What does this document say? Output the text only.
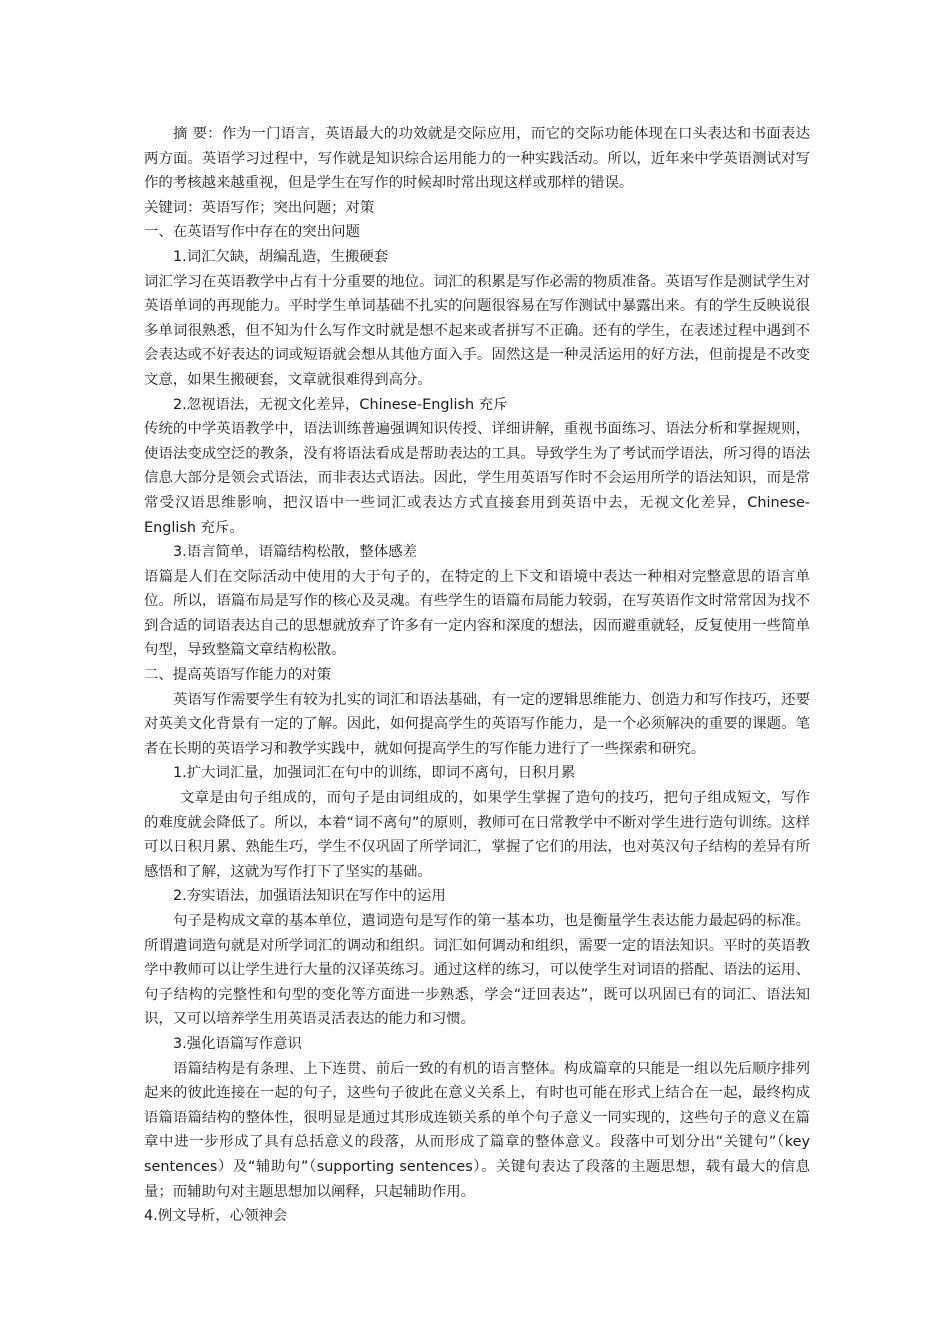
摘 要：作为一门语言，英语最大的功效就是交际应用，而它的交际功能体现在口头表达和书面表达两方面。英语学习过程中，写作就是知识综合运用能力的一种实践活动。所以，近年来中学英语测试对写作的考核越来越重视，但是学生在写作的时候却时常出现这样或那样的错误。

关键词：英语写作；突出问题；对策

一、在英语写作中存在的突出问题

1.词汇欠缺，胡编乱造，生搬硬套

词汇学习在英语教学中占有十分重要的地位。词汇的积累是写作必需的物质准备。英语写作是测试学生对英语单词的再现能力。平时学生单词基础不扎实的问题很容易在写作测试中暴露出来。有的学生反映说很多单词很熟悉，但不知为什么写作文时就是想不起来或者拼写不正确。还有的学生，在表述过程中遇到不会表达或不好表达的词或短语就会想从其他方面入手。固然这是一种灵活运用的好方法，但前提是不改变文意，如果生搬硬套，文章就很难得到高分。

2.忽视语法，无视文化差异，Chinese-English 充斥

传统的中学英语教学中，语法训练普遍强调知识传授、详细讲解，重视书面练习、语法分析和掌握规则，使语法变成空泛的教条，没有将语法看成是帮助表达的工具。导致学生为了考试而学语法，所习得的语法信息大部分是领会式语法，而非表达式语法。因此，学生用英语写作时不会运用所学的语法知识，而是常常受汉语思维影响，把汉语中一些词汇或表达方式直接套用到英语中去，无视文化差异，Chinese-English 充斥。

3.语言简单，语篇结构松散，整体感差

语篇是人们在交际活动中使用的大于句子的，在特定的上下文和语境中表达一种相对完整意思的语言单位。所以，语篇布局是写作的核心及灵魂。有些学生的语篇布局能力较弱，在写英语作文时常常因为找不到合适的词语表达自己的思想就放弃了许多有一定内容和深度的想法，因而避重就轻，反复使用一些简单句型，导致整篇文章结构松散。

二、提高英语写作能力的对策

英语写作需要学生有较为扎实的词汇和语法基础，有一定的逻辑思维能力、创造力和写作技巧，还要对英美文化背景有一定的了解。因此，如何提高学生的英语写作能力，是一个必须解决的重要的课题。笔者在长期的英语学习和教学实践中，就如何提高学生的写作能力进行了一些探索和研究。

1.扩大词汇量，加强词汇在句中的训练，即词不离句，日积月累

文章是由句子组成的，而句子是由词组成的，如果学生掌握了造句的技巧，把句子组成短文，写作的难度就会降低了。所以，本着“词不离句”的原则，教师可在日常教学中不断对学生进行造句训练。这样可以日积月累、熟能生巧，学生不仅巩固了所学词汇，掌握了它们的用法，也对英汉句子结构的差异有所感悟和了解，这就为写作打下了坚实的基础。

2.夯实语法，加强语法知识在写作中的运用

句子是构成文章的基本单位，遣词造句是写作的第一基本功，也是衡量学生表达能力最起码的标准。所谓遣词造句就是对所学词汇的调动和组织。词汇如何调动和组织，需要一定的语法知识。平时的英语教学中教师可以让学生进行大量的汉译英练习。通过这样的练习，可以使学生对词语的搭配、语法的运用、句子结构的完整性和句型的变化等方面进一步熟悉，学会“迂回表达”，既可以巩固已有的词汇、语法知识，又可以培养学生用英语灵活表达的能力和习惯。

3.强化语篇写作意识

语篇结构是有条理、上下连贯、前后一致的有机的语言整体。构成篇章的只能是一组以先后顺序排列起来的彼此连接在一起的句子，这些句子彼此在意义关系上，有时也可能在形式上结合在一起，最终构成语篇语篇结构的整体性，很明显是通过其形成连锁关系的单个句子意义一同实现的，这些句子的意义在篇章中进一步形成了具有总括意义的段落，从而形成了篇章的整体意义。段落中可划分出“关键句”（key sentences）及“辅助句”（supporting sentences）。关键句表达了段落的主题思想，载有最大的信息量；而辅助句对主题思想加以阐释，只起辅助作用。

4.例文导析，心领神会
